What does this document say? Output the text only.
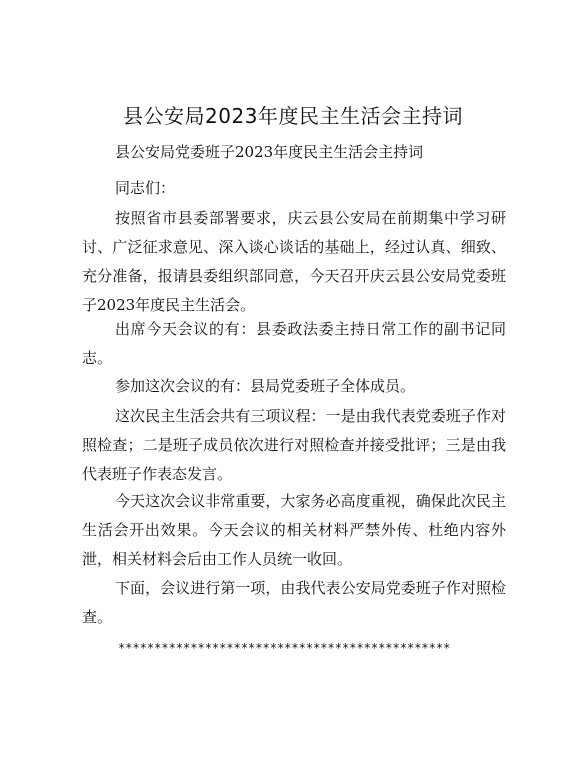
县公安局2023年度民主生活会主持词

县公安局党委班子2023年度民主生活会主持词

同志们：

按照省市县委部署要求，庆云县公安局在前期集中学习研讨、广泛征求意见、深入谈心谈话的基础上，经过认真、细致、充分准备，报请县委组织部同意，今天召开庆云县公安局党委班子2023年度民主生活会。

出席今天会议的有：县委政法委主持日常工作的副书记同志。

参加这次会议的有：县局党委班子全体成员。

这次民主生活会共有三项议程：一是由我代表党委班子作对照检查；二是班子成员依次进行对照检查并接受批评；三是由我代表班子作表态发言。

今天这次会议非常重要，大家务必高度重视，确保此次民主生活会开出效果。今天会议的相关材料严禁外传、杜绝内容外泄，相关材料会后由工作人员统一收回。

下面，会议进行第一项，由我代表公安局党委班子作对照检查。

**********************************************
